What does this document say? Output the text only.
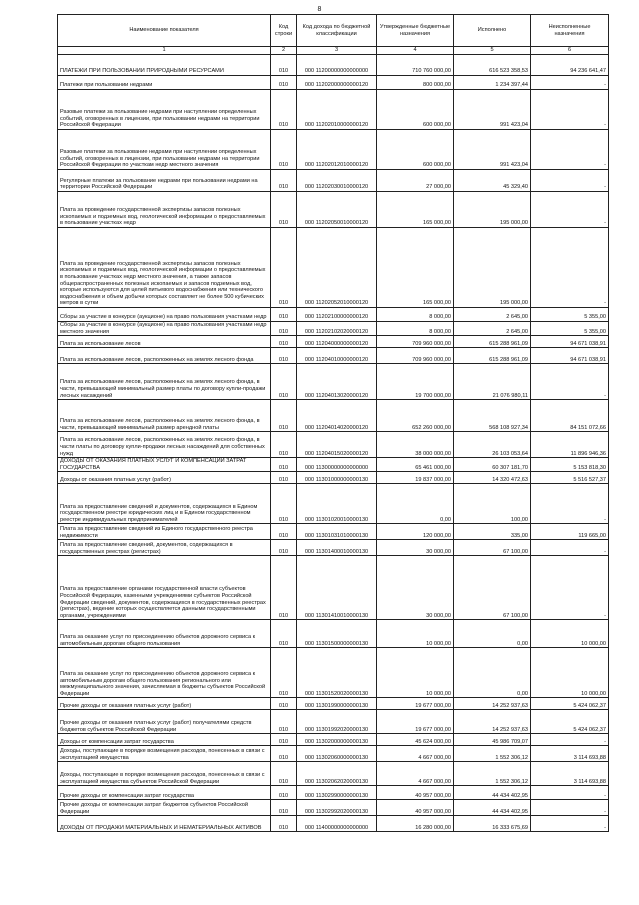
8
Наименование показателя	Код строки	Код дохода по бюджетной классификации	Утвержденные бюджетные назначения	Исполнено	Неисполненные назначения
1	2	3	4	5	6
ПЛАТЕЖИ ПРИ ПОЛЬЗОВАНИИ ПРИРОДНЫМИ РЕСУРСАМИ	010	000 11200000000000000	710 760 000,00	616 523 358,53	94 236 641,47
Платежи при пользовании недрами	010	000 11202000000000120	800 000,00	1 234 397,44	-
Разовые платежи за пользование недрами при наступлении определенных событий, оговоренных в лицензии, при пользовании недрами на территории Российской Федерации	010	000 11202010000000120	600 000,00	991 423,04	-
Разовые платежи за пользование недрами при наступлении определенных событий, оговоренных в лицензии, при пользовании недрами на территории Российской Федерации по участкам недр местного значения	010	000 11202012010000120	600 000,00	991 423,04	-
Регулярные платежи за пользование недрами при пользовании недрами на территории Российской Федерации	010	000 11202030010000120	27 000,00	45 329,40	-
Плата за проведение государственной экспертизы запасов полезных ископаемых и подземных вод, геологической информации о предоставляемых в пользование участках недр	010	000 11202050010000120	165 000,00	195 000,00	-
Плата за проведение государственной экспертизы запасов полезных ископаемых и подземных вод, геологической информации о предоставляемых в пользование участках недр местного значения, а также запасов общераспространенных полезных ископаемых и запасов подземных вод, которые используются для целей питьевого водоснабжения или технического водоснабжения и объем добычи которых составляет не более 500 кубических метров в сутки	010	000 11202052010000120	165 000,00	195 000,00	-
Сборы за участие в конкурсе (аукционе) на право пользования участками недр	010	000 11202100000000120	8 000,00	2 645,00	5 355,00
Сборы за участие в конкурсе (аукционе) на право пользования участками недр местного значения	010	000 11202102020000120	8 000,00	2 645,00	5 355,00
Плата за использование лесов	010	000 11204000000000120	709 960 000,00	615 288 961,09	94 671 038,91
Плата за использование лесов, расположенных на землях лесного фонда	010	000 11204010000000120	709 960 000,00	615 288 961,09	94 671 038,91
Плата за использование лесов, расположенных на землях лесного фонда, в части, превышающей минимальный размер платы по договору купли-продажи лесных насаждений	010	000 11204013020000120	19 700 000,00	21 076 980,11	-
Плата за использование лесов, расположенных на землях лесного фонда, в части, превышающей минимальный размер арендной платы	010	000 11204014020000120	652 260 000,00	568 108 927,34	84 151 072,66
Плата за использование лесов, расположенных на землях лесного фонда, в части платы по договору купли-продажи лесных насаждений для собственных нужд	010	000 11204015020000120	38 000 000,00	26 103 053,64	11 896 946,36
ДОХОДЫ ОТ ОКАЗАНИЯ ПЛАТНЫХ УСЛУГ И КОМПЕНСАЦИИ ЗАТРАТ ГОСУДАРСТВА	010	000 11300000000000000	65 461 000,00	60 307 181,70	5 153 818,30
Доходы от оказания платных услуг (работ)	010	000 11301000000000130	19 837 000,00	14 320 472,63	5 516 527,37
Плата за предоставление сведений и документов, содержащихся в Едином государственном реестре юридических лиц и в Едином государственном реестре индивидуальных предпринимателей	010	000 11301020010000130	0,00	100,00	-
Плата за предоставление сведений из Единого государственного реестра недвижимости	010	000 11301031010000130	120 000,00	335,00	119 665,00
Плата за предоставление сведений, документов, содержащихся в государственных реестрах (регистрах)	010	000 11301400010000130	30 000,00	67 100,00	-
Плата за предоставление органами государственной власти субъектов Российской Федерации, казенными учреждениями субъектов Российской Федерации сведений, документов, содержащихся в государственных реестрах (регистрах), ведение которых осуществляется данными государственными органами, учреждениями	010	000 11301410010000130	30 000,00	67 100,00	-
Плата за оказание услуг по присоединению объектов дорожного сервиса к автомобильным дорогам общего пользования	010	000 11301500000000130	10 000,00	0,00	10 000,00
Плата за оказание услуг по присоединению объектов дорожного сервиса к автомобильным дорогам общего пользования регионального или межмуниципального значения, зачисляемая в бюджеты субъектов Российской Федерации	010	000 11301520020000130	10 000,00	0,00	10 000,00
Прочие доходы от оказания платных услуг (работ)	010	000 11301990000000130	19 677 000,00	14 252 937,63	5 424 062,37
Прочие доходы от оказания платных услуг (работ) получателями средств бюджетов субъектов Российской Федерации	010	000 11301992020000130	19 677 000,00	14 252 937,63	5 424 062,37
Доходы от компенсации затрат государства	010	000 11302000000000130	45 624 000,00	45 986 709,07	-
Доходы, поступающие в порядке возмещения расходов, понесенных в связи с эксплуатацией имущества	010	000 11302060000000130	4 667 000,00	1 552 306,12	3 114 693,88
Доходы, поступающие в порядке возмещения расходов, понесенных в связи с эксплуатацией имущества субъектов Российской Федерации	010	000 11302062020000130	4 667 000,00	1 552 306,12	3 114 693,88
Прочие доходы от компенсации затрат государства	010	000 11302990000000130	40 957 000,00	44 434 402,95	-
Прочие доходы от компенсации затрат бюджетов субъектов Российской Федерации	010	000 11302992020000130	40 957 000,00	44 434 402,95	-
ДОХОДЫ ОТ ПРОДАЖИ МАТЕРИАЛЬНЫХ И НЕМАТЕРИАЛЬНЫХ АКТИВОВ	010	000 11400000000000000	16 280 000,00	16 333 675,69	-
